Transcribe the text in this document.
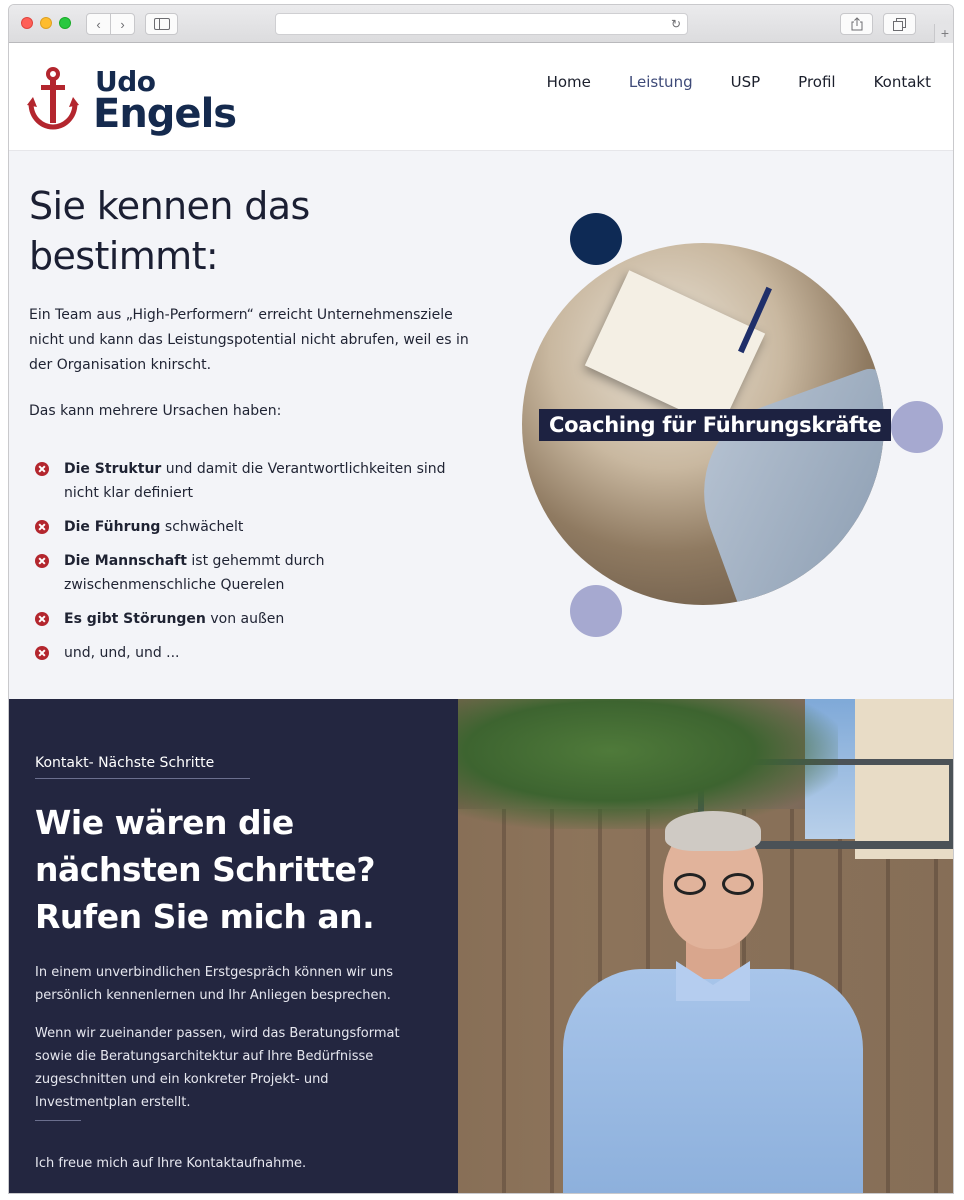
‹ ›	↻
+
Udo
Engels
Home	Leistung	USP	Profil	Kontakt
Sie kennen das bestimmt:

Ein Team aus „High-Performern“ erreicht Unternehmensziele nicht und kann das Leistungspotential nicht abrufen, weil es in der Organisation knirscht.

Das kann mehrere Ursachen haben:

Die Struktur und damit die Verantwortlichkeiten sind nicht klar definiert
Die Führung schwächelt
Die Mannschaft ist gehemmt durch zwischenmenschliche Querelen
Es gibt Störungen von außen
und, und, und ...
Coaching für Führungskräfte
Kontakt- Nächste Schritte
Wie wären die nächsten Schritte? Rufen Sie mich an.

In einem unverbindlichen Erstgespräch können wir uns persönlich kennenlernen und Ihr Anliegen besprechen.

Wenn wir zueinander passen, wird das Beratungsformat sowie die Beratungsarchitektur auf Ihre Bedürfnisse zugeschnitten und ein konkreter Projekt- und Investmentplan erstellt.

Ich freue mich auf Ihre Kontaktaufnahme.
